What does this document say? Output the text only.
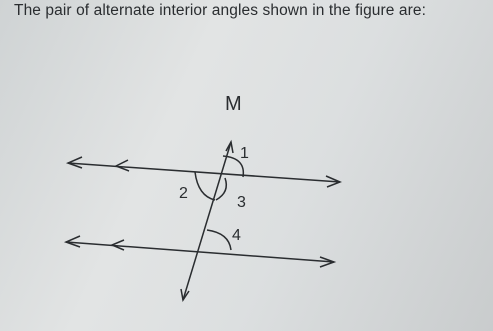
The pair of alternate interior angles shown in the figure are:
M
1
2
3
4
